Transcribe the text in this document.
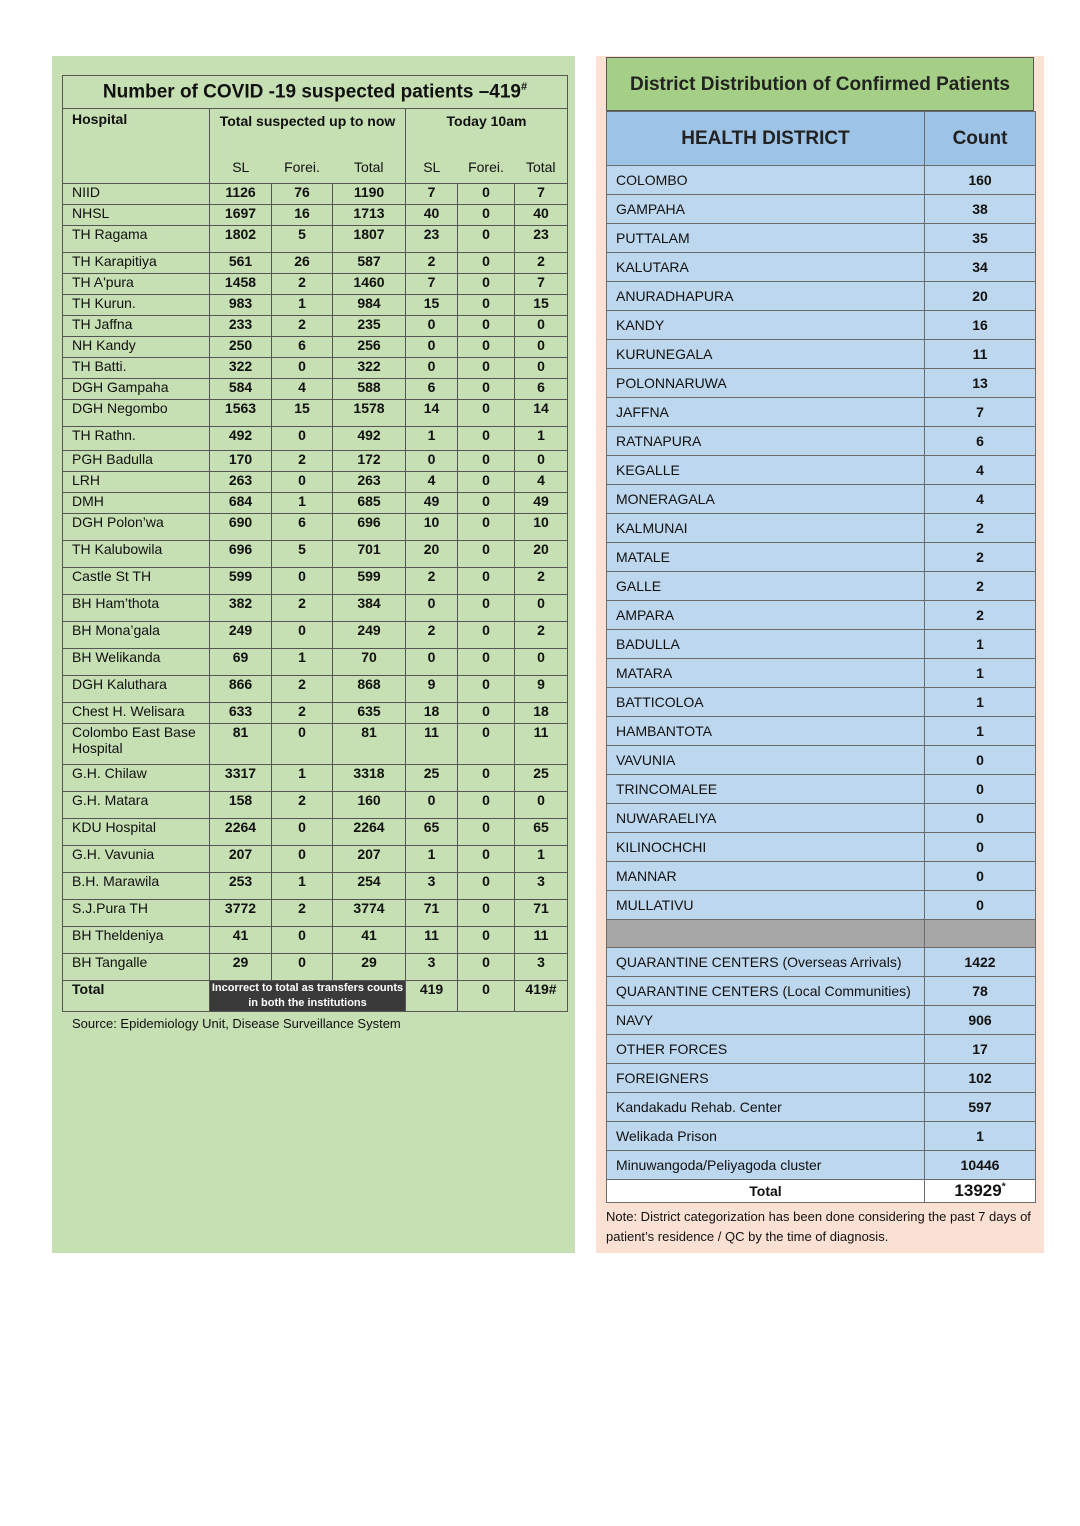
Number of COVID -19 suspected patients –419#
Hospital	Total suspected up to now			Today 10am		
	SL	Forei.	Total	SL	Forei.	Total
NIID	1126	76	1190	7	0	7
NHSL	1697	16	1713	40	0	40
TH Ragama	1802	5	1807	23	0	23
TH Karapitiya	561	26	587	2	0	2
TH A'pura	1458	2	1460	7	0	7
TH Kurun.	983	1	984	15	0	15
TH Jaffna	233	2	235	0	0	0
NH Kandy	250	6	256	0	0	0
TH Batti.	322	0	322	0	0	0
DGH Gampaha	584	4	588	6	0	6
DGH Negombo	1563	15	1578	14	0	14
TH Rathn.	492	0	492	1	0	1
PGH Badulla	170	2	172	0	0	0
LRH	263	0	263	4	0	4
DMH	684	1	685	49	0	49
DGH Polon’wa	690	6	696	10	0	10
TH Kalubowila	696	5	701	20	0	20
Castle St TH	599	0	599	2	0	2
BH Ham’thota	382	2	384	0	0	0
BH Mona’gala	249	0	249	2	0	2
BH Welikanda	69	1	70	0	0	0
DGH Kaluthara	866	2	868	9	0	9
Chest H. Welisara	633	2	635	18	0	18
Colombo East Base Hospital	81	0	81	11	0	11
G.H. Chilaw	3317	1	3318	25	0	25
G.H. Matara	158	2	160	0	0	0
KDU Hospital	2264	0	2264	65	0	65
G.H. Vavunia	207	0	207	1	0	1
B.H. Marawila	253	1	254	3	0	3
S.J.Pura TH	3772	2	3774	71	0	71
BH Theldeniya	41	0	41	11	0	11
BH Tangalle	29	0	29	3	0	3
Total	Incorrect to total as transfers counts in both the institutions			419	0	419#
Source: Epidemiology Unit, Disease Surveillance System
District Distribution of Confirmed Patients
HEALTH DISTRICT	Count
COLOMBO	160
GAMPAHA	38
PUTTALAM	35
KALUTARA	34
ANURADHAPURA	20
KANDY	16
KURUNEGALA	11
POLONNARUWA	13
JAFFNA	7
RATNAPURA	6
KEGALLE	4
MONERAGALA	4
KALMUNAI	2
MATALE	2
GALLE	2
AMPARA	2
BADULLA	1
MATARA	1
BATTICOLOA	1
HAMBANTOTA	1
VAVUNIA	0
TRINCOMALEE	0
NUWARAELIYA	0
KILINOCHCHI	0
MANNAR	0
MULLATIVU	0

QUARANTINE CENTERS (Overseas Arrivals)	1422
QUARANTINE CENTERS (Local Communities)	78
NAVY	906
OTHER FORCES	17
FOREIGNERS	102
Kandakadu Rehab. Center	597
Welikada Prison	1
Minuwangoda/Peliyagoda cluster	10446
Total	13929*
Note: District categorization has been done considering the past 7 days of patient’s residence / QC by the time of diagnosis.
